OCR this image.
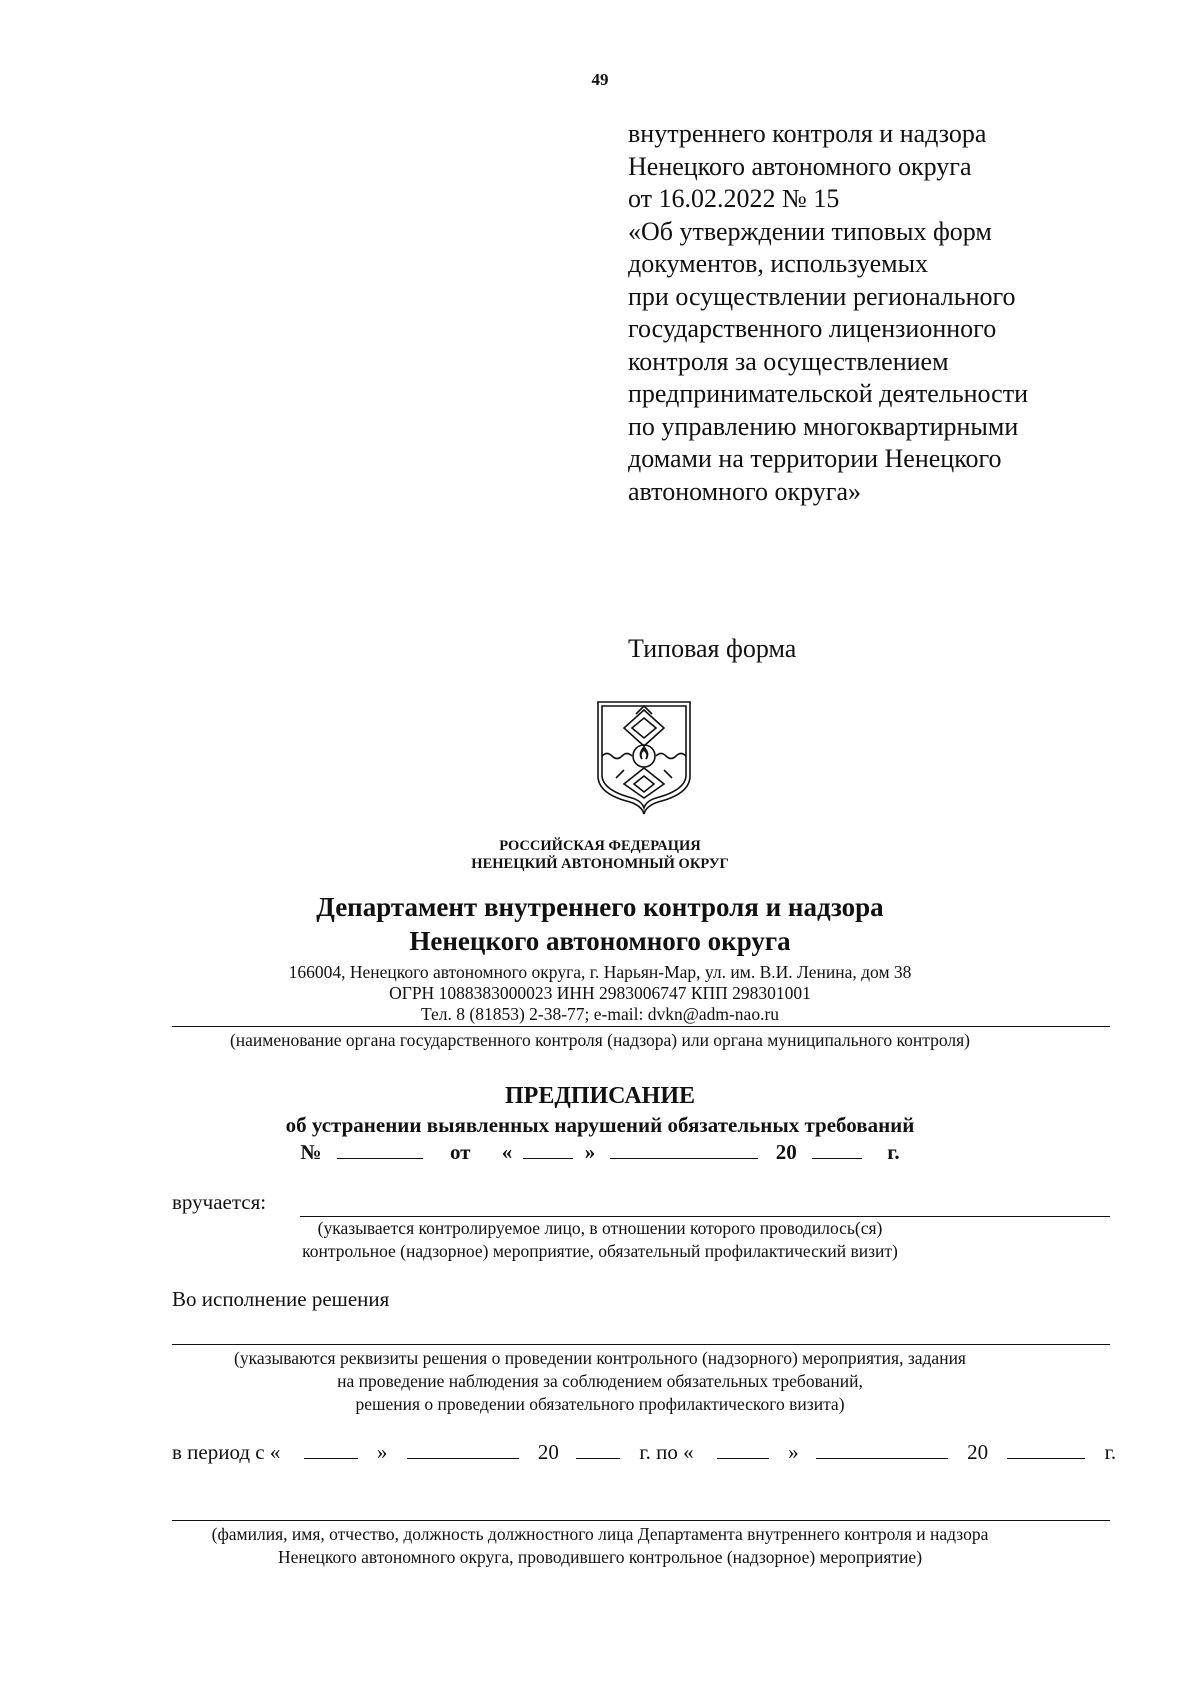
49
внутреннего контроля и надзора
Ненецкого автономного округа
от 16.02.2022 № 15
«Об утверждении типовых форм
документов, используемых
при осуществлении регионального
государственного лицензионного
контроля за осуществлением
предпринимательской деятельности
по управлению многоквартирными
домами на территории Ненецкого
автономного округа»
Типовая форма
РОССИЙСКАЯ ФЕДЕРАЦИЯ
НЕНЕЦКИЙ АВТОНОМНЫЙ ОКРУГ
Департамент внутреннего контроля и надзора
Ненецкого автономного округа
166004, Ненецкого автономного округа, г. Нарьян-Мар, ул. им. В.И. Ленина, дом 38
ОГРН 1088383000023 ИНН 2983006747 КПП 298301001
Тел. 8 (81853) 2-38-77; e-mail: dvkn@adm-nao.ru
(наименование органа государственного контроля (надзора) или органа муниципального контроля)
ПРЕДПИСАНИЕ
об устранении выявленных нарушений обязательных требований
№	от «	»	20	г.
вручается:
(указывается контролируемое лицо, в отношении которого проводилось(ся)
контрольное (надзорное) мероприятие, обязательный профилактический визит)
Во исполнение решения
(указываются реквизиты решения о проведении контрольного (надзорного) мероприятия, задания
на проведение наблюдения за соблюдением обязательных требований,
решения о проведении обязательного профилактического визита)
в период с «	»	20	г. по «	»	20	г.
(фамилия, имя, отчество, должность должностного лица Департамента внутреннего контроля и надзора
Ненецкого автономного округа, проводившего контрольное (надзорное) мероприятие)
